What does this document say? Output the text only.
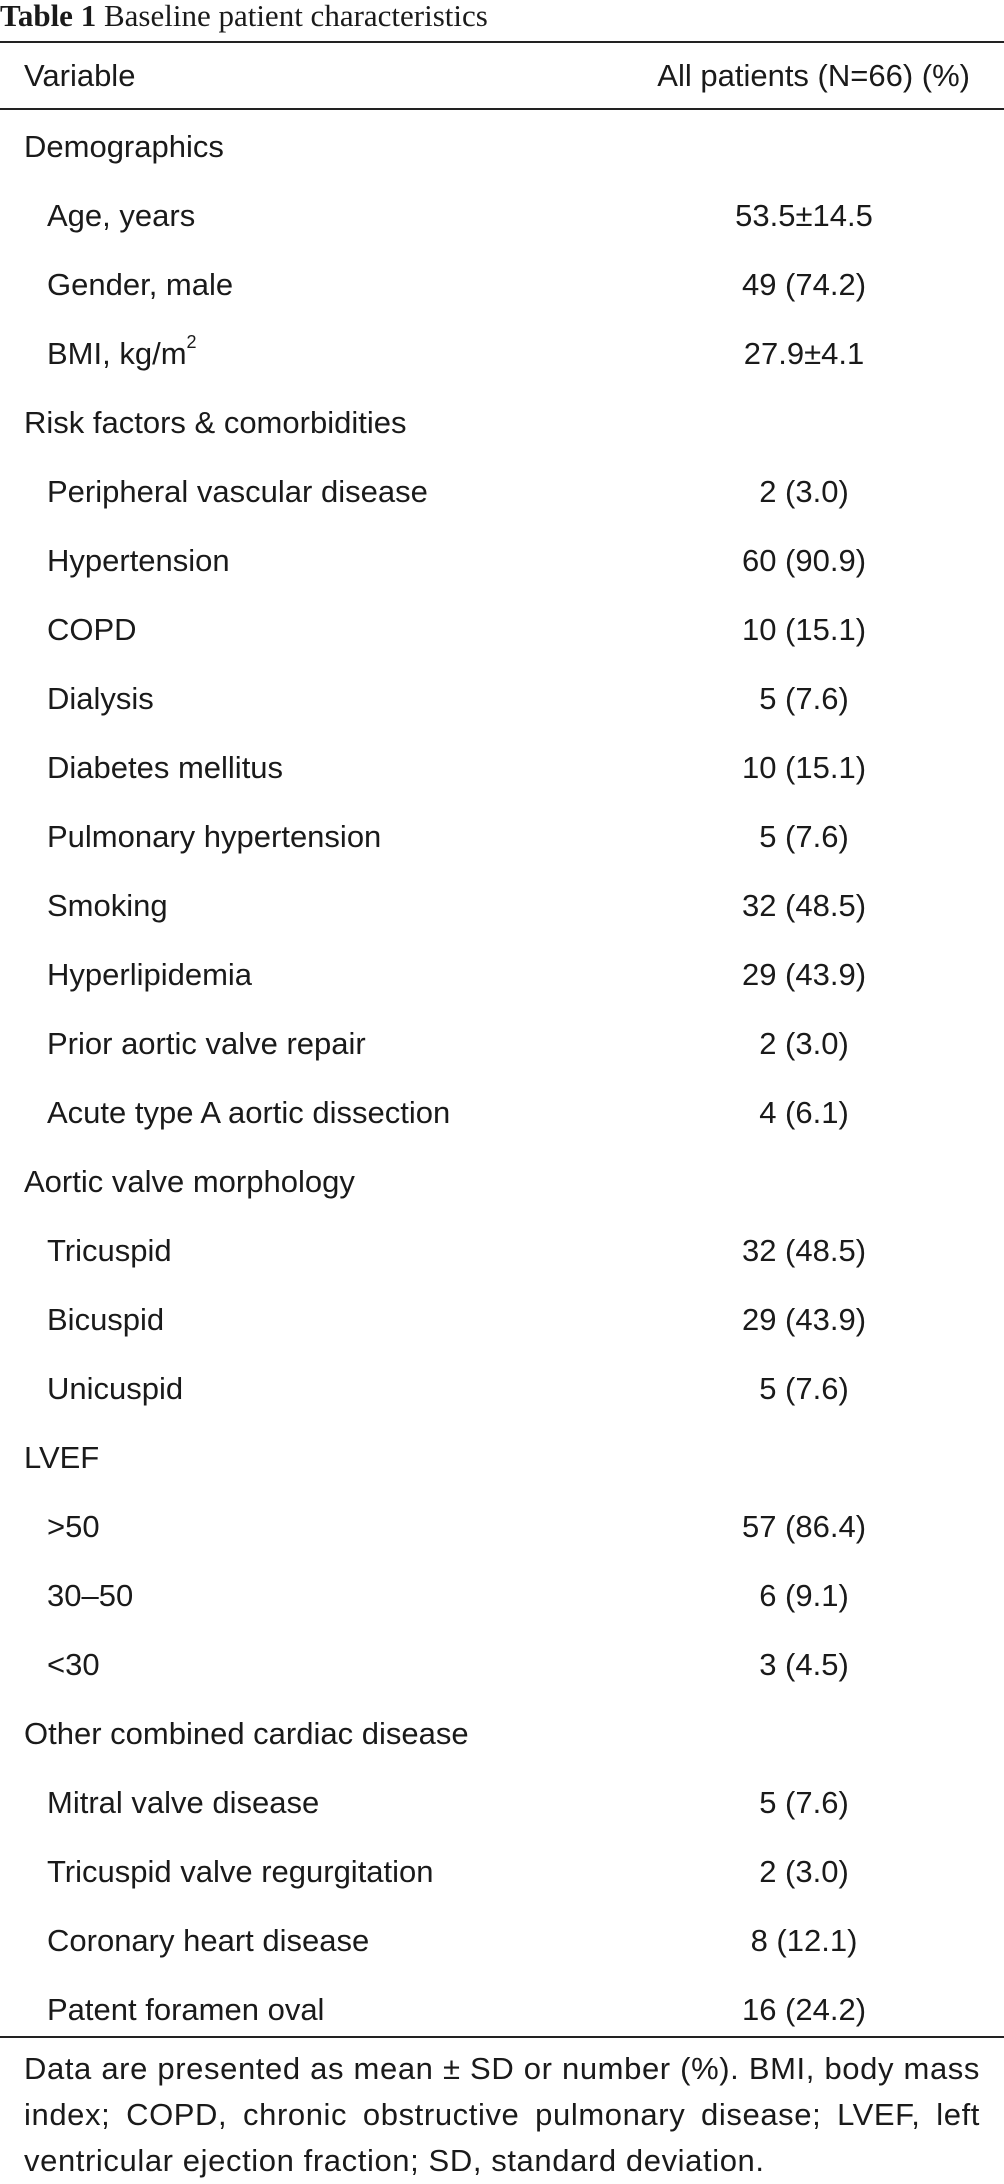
Table 1 Baseline patient characteristics
Variable	All patients (N=66) (%)
Demographics
Age, years	53.5±14.5
Gender, male	49 (74.2)
BMI, $kg/m^2$	27.9±4.1
Risk factors & comorbidities
Peripheral vascular disease	2 (3.0)
Hypertension	60 (90.9)
COPD	10 (15.1)
Dialysis	5 (7.6)
Diabetes mellitus	10 (15.1)
Pulmonary hypertension	5 (7.6)
Smoking	32 (48.5)
Hyperlipidemia	29 (43.9)
Prior aortic valve repair	2 (3.0)
Acute type A aortic dissection	4 (6.1)
Aortic valve morphology
Tricuspid	32 (48.5)
Bicuspid	29 (43.9)
Unicuspid	5 (7.6)
LVEF
>50	57 (86.4)
30–50	6 (9.1)
<30	3 (4.5)
Other combined cardiac disease
Mitral valve disease	5 (7.6)
Tricuspid valve regurgitation	2 (3.0)
Coronary heart disease	8 (12.1)
Patent foramen oval	16 (24.2)
Data are presented as mean ± SD or number (%). BMI, body mass index; COPD, chronic obstructive pulmonary disease; LVEF, left ventricular ejection fraction; SD, standard deviation.
